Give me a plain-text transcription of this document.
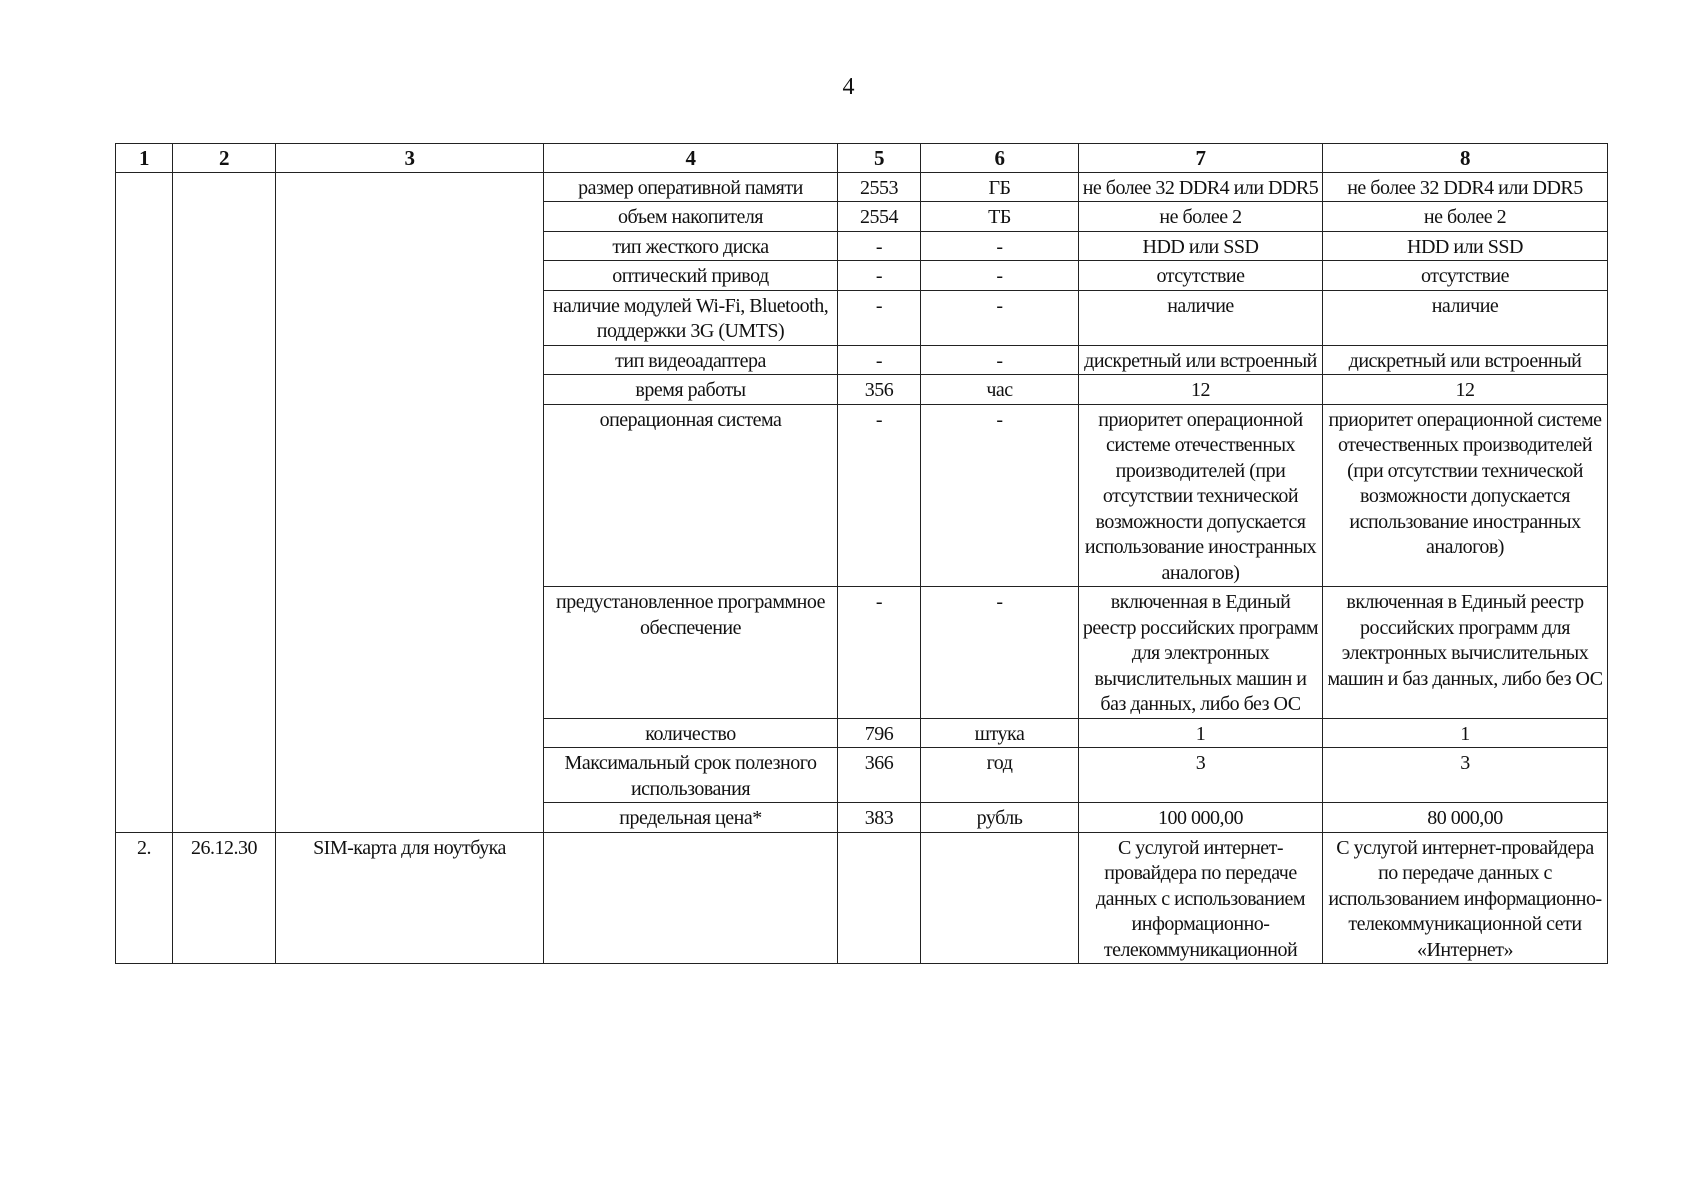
4
1	2	3	4	5	6	7	8
			размер оперативной памяти	2553	ГБ	не более 32 DDR4 или DDR5	не более 32 DDR4 или DDR5
			объем накопителя	2554	ТБ	не более 2	не более 2
			тип жесткого диска	-	-	HDD или SSD	HDD или SSD
			оптический привод	-	-	отсутствие	отсутствие
			наличие модулей Wi-Fi, Bluetooth, поддержки 3G (UMTS)	-	-	наличие	наличие
			тип видеоадаптера	-	-	дискретный или встроенный	дискретный или встроенный
			время работы	356	час	12	12
			операционная система	-	-	приоритет операционной системе отечественных производителей (при отсутствии технической возможности допускается использование иностранных аналогов)	приоритет операционной системе отечественных производителей (при отсутствии технической возможности допускается использование иностранных аналогов)
			предустановленное программное обеспечение	-	-	включенная в Единый реестр российских программ для электронных вычислительных машин и баз данных, либо без ОС	включенная в Единый реестр российских программ для электронных вычислительных машин и баз данных, либо без ОС
			количество	796	штука	1	1
			Максимальный срок полезного использования	366	год	3	3
			предельная цена*	383	рубль	100 000,00	80 000,00
2.	26.12.30	SIM-карта для ноутбука				С услугой интернет-провайдера по передаче данных с использованием информационно-телекоммуникационной	С услугой интернет-провайдера по передаче данных с использованием информационно-телекоммуникационной сети «Интернет»
